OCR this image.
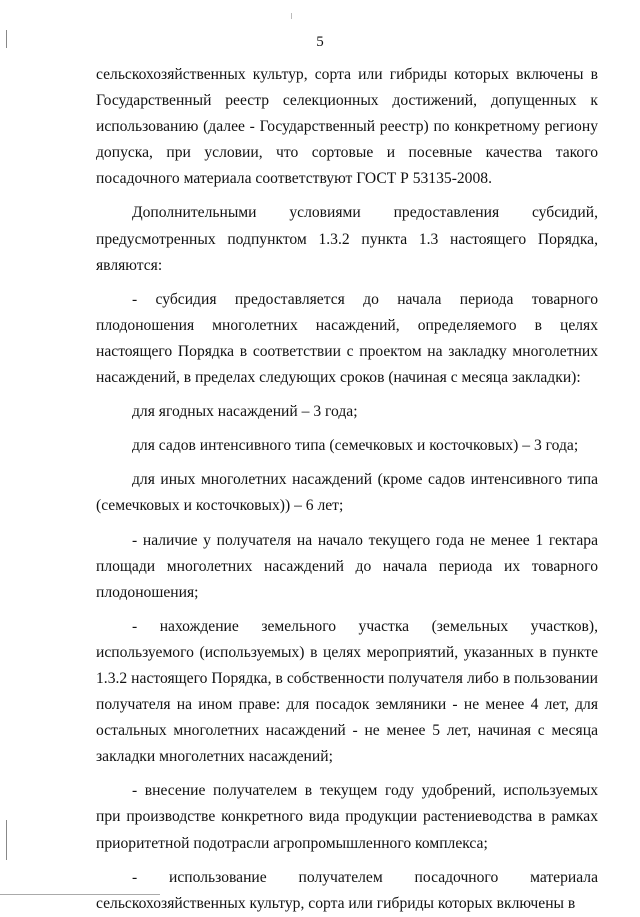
5

сельскохозяйственных культур, сорта или гибриды которых включены в Государственный реестр селекционных достижений, допущенных к использованию (далее - Государственный реестр) по конкретному региону допуска, при условии, что сортовые и посевные качества такого посадочного материала соответствуют ГОСТ Р 53135-2008.

Дополнительными условиями предоставления субсидий, предусмотренных подпунктом 1.3.2 пункта 1.3 настоящего Порядка, являются:

- субсидия предоставляется до начала периода товарного плодоношения многолетних насаждений, определяемого в целях настоящего Порядка в соответствии с проектом на закладку многолетних насаждений, в пределах следующих сроков (начиная с месяца закладки):

для ягодных насаждений – 3 года;

для садов интенсивного типа (семечковых и косточковых) – 3 года;

для иных многолетних насаждений (кроме садов интенсивного типа (семечковых и косточковых)) – 6 лет;

- наличие у получателя на начало текущего года не менее 1 гектара площади многолетних насаждений до начала периода их товарного плодоношения;

- нахождение земельного участка (земельных участков), используемого (используемых) в целях мероприятий, указанных в пункте 1.3.2 настоящего Порядка, в собственности получателя либо в пользовании получателя на ином праве: для посадок земляники - не менее 4 лет, для остальных многолетних насаждений - не менее 5 лет, начиная с месяца закладки многолетних насаждений;

- внесение получателем в текущем году удобрений, используемых при производстве конкретного вида продукции растениеводства в рамках приоритетной подотрасли агропромышленного комплекса;

- использование получателем посадочного материала сельскохозяйственных культур, сорта или гибриды которых включены в
